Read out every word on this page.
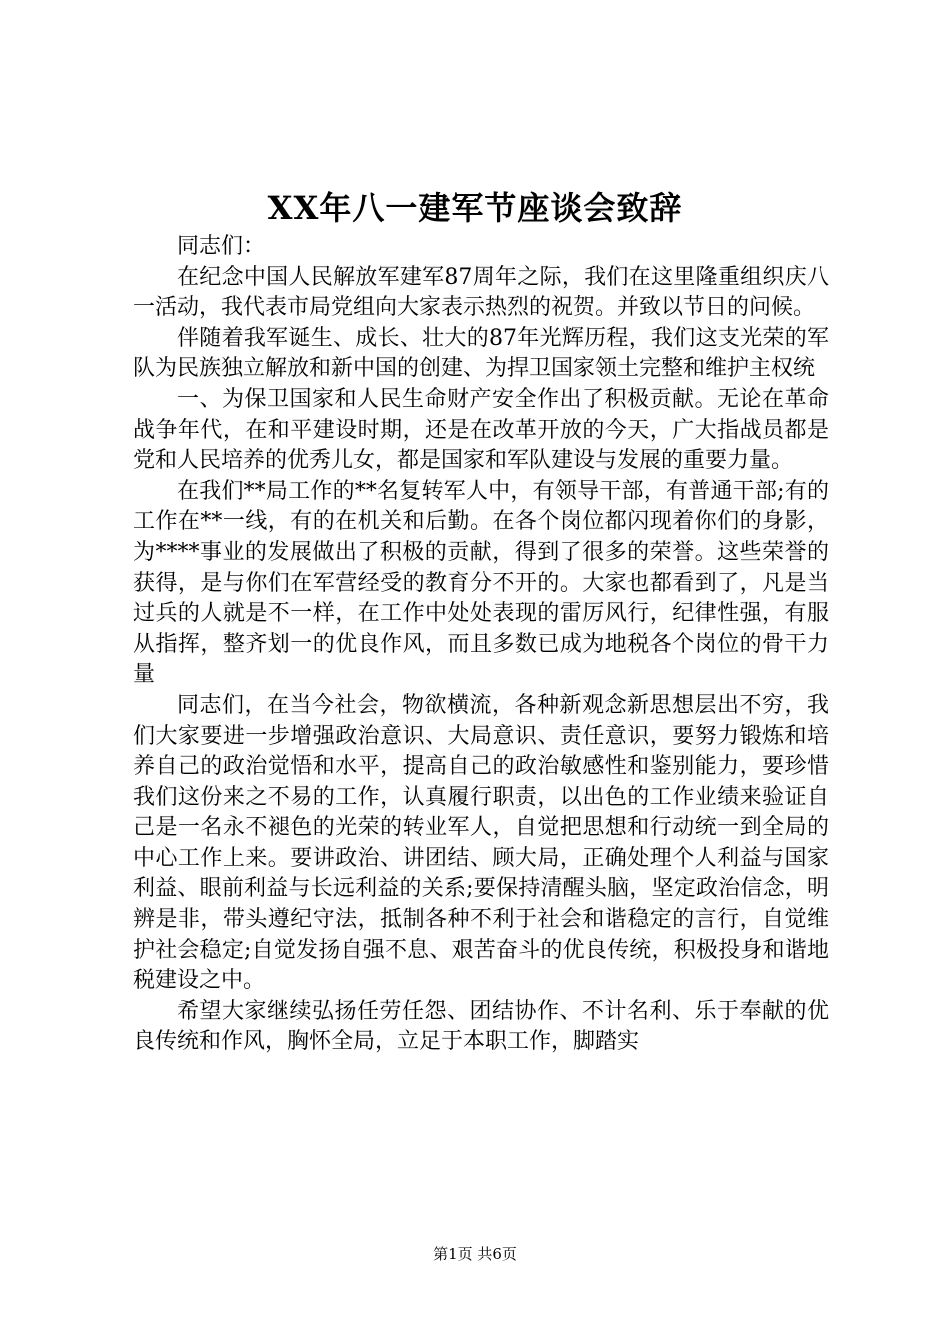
XX年八一建军节座谈会致辞

同志们：

在纪念中国人民解放军建军87周年之际，我们在这里隆重组织庆八一活动，我代表市局党组向大家表示热烈的祝贺。并致以节日的问候。

伴随着我军诞生、成长、壮大的87年光辉历程，我们这支光荣的军队为民族独立解放和新中国的创建、为捍卫国家领土完整和维护主权统

一、为保卫国家和人民生命财产安全作出了积极贡献。无论在革命战争年代，在和平建设时期，还是在改革开放的今天，广大指战员都是党和人民培养的优秀儿女，都是国家和军队建设与发展的重要力量。

在我们**局工作的**名复转军人中，有领导干部，有普通干部;有的工作在**一线，有的在机关和后勤。在各个岗位都闪现着你们的身影，为****事业的发展做出了积极的贡献，得到了很多的荣誉。这些荣誉的获得，是与你们在军营经受的教育分不开的。大家也都看到了，凡是当过兵的人就是不一样，在工作中处处表现的雷厉风行，纪律性强，有服从指挥，整齐划一的优良作风，而且多数已成为地税各个岗位的骨干力量

同志们，在当今社会，物欲横流，各种新观念新思想层出不穷，我们大家要进一步增强政治意识、大局意识、责任意识，要努力锻炼和培养自己的政治觉悟和水平，提高自己的政治敏感性和鉴别能力，要珍惜我们这份来之不易的工作，认真履行职责，以出色的工作业绩来验证自己是一名永不褪色的光荣的转业军人，自觉把思想和行动统一到全局的中心工作上来。要讲政治、讲团结、顾大局，正确处理个人利益与国家利益、眼前利益与长远利益的关系;要保持清醒头脑，坚定政治信念，明辨是非，带头遵纪守法，抵制各种不利于社会和谐稳定的言行，自觉维护社会稳定;自觉发扬自强不息、艰苦奋斗的优良传统，积极投身和谐地税建设之中。

希望大家继续弘扬任劳任怨、团结协作、不计名利、乐于奉献的优良传统和作风，胸怀全局，立足于本职工作，脚踏实

第1页 共6页
